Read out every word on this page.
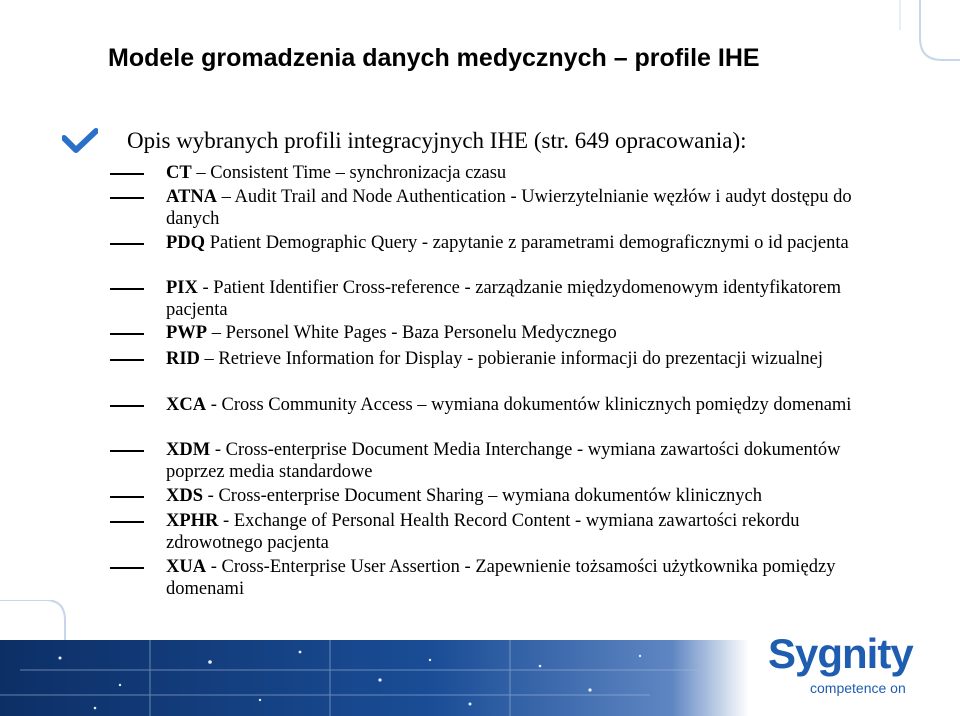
Modele gromadzenia danych medycznych – profile IHE
Opis wybranych profili integracyjnych IHE (str. 649 opracowania):
CT – Consistent Time – synchronizacja czasu
ATNA – Audit Trail and Node Authentication - Uwierzytelnianie węzłów i audyt dostępu do danych
PDQ Patient Demographic Query - zapytanie z parametrami demograficznymi o id pacjenta
PIX - Patient Identifier Cross-reference - zarządzanie międzydomenowym identyfikatorem pacjenta
PWP – Personel White Pages - Baza Personelu Medycznego
RID – Retrieve Information for Display - pobieranie informacji do prezentacji wizualnej
XCA - Cross Community Access – wymiana dokumentów klinicznych pomiędzy domenami
XDM - Cross-enterprise Document Media Interchange - wymiana zawartości dokumentów poprzez media standardowe
XDS - Cross-enterprise Document Sharing – wymiana dokumentów klinicznych
XPHR - Exchange of Personal Health Record Content - wymiana zawartości rekordu zdrowotnego pacjenta
XUA - Cross-Enterprise User Assertion - Zapewnienie tożsamości użytkownika pomiędzy domenami
Sygnity
competence on
